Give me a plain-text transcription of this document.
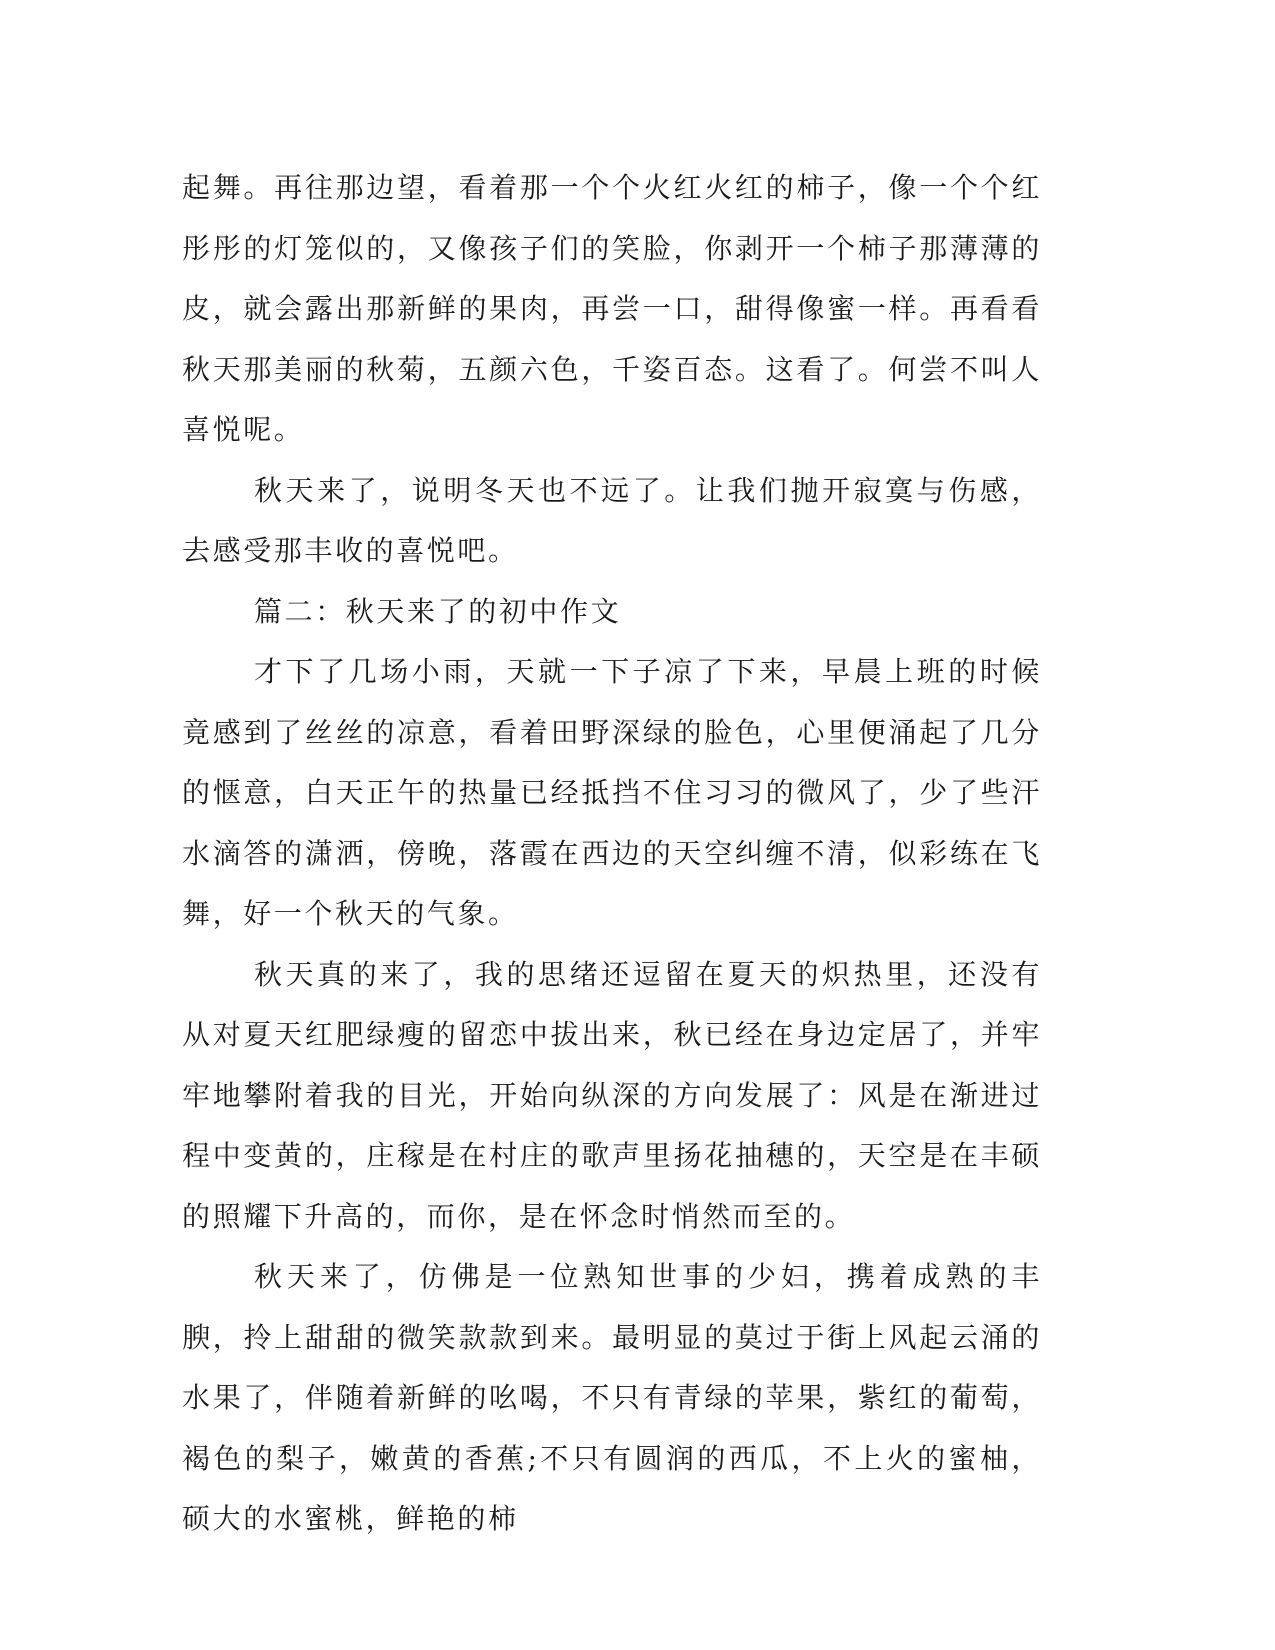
起舞。再往那边望，看着那一个个火红火红的柿子，像一个个红彤彤的灯笼似的，又像孩子们的笑脸，你剥开一个柿子那薄薄的皮，就会露出那新鲜的果肉，再尝一口，甜得像蜜一样。再看看秋天那美丽的秋菊，五颜六色，千姿百态。这看了。何尝不叫人喜悦呢。

秋天来了，说明冬天也不远了。让我们抛开寂寞与伤感，去感受那丰收的喜悦吧。

篇二：秋天来了的初中作文

才下了几场小雨，天就一下子凉了下来，早晨上班的时候竟感到了丝丝的凉意，看着田野深绿的脸色，心里便涌起了几分的惬意，白天正午的热量已经抵挡不住习习的微风了，少了些汗水滴答的潇洒，傍晚，落霞在西边的天空纠缠不清，似彩练在飞舞，好一个秋天的气象。

秋天真的来了，我的思绪还逗留在夏天的炽热里，还没有从对夏天红肥绿瘦的留恋中拔出来，秋已经在身边定居了，并牢牢地攀附着我的目光，开始向纵深的方向发展了：风是在渐进过程中变黄的，庄稼是在村庄的歌声里扬花抽穗的，天空是在丰硕的照耀下升高的，而你，是在怀念时悄然而至的。

秋天来了，仿佛是一位熟知世事的少妇，携着成熟的丰腴，拎上甜甜的微笑款款到来。最明显的莫过于街上风起云涌的水果了，伴随着新鲜的吆喝，不只有青绿的苹果，紫红的葡萄，褐色的梨子，嫩黄的香蕉;不只有圆润的西瓜，不上火的蜜柚，硕大的水蜜桃，鲜艳的柿
